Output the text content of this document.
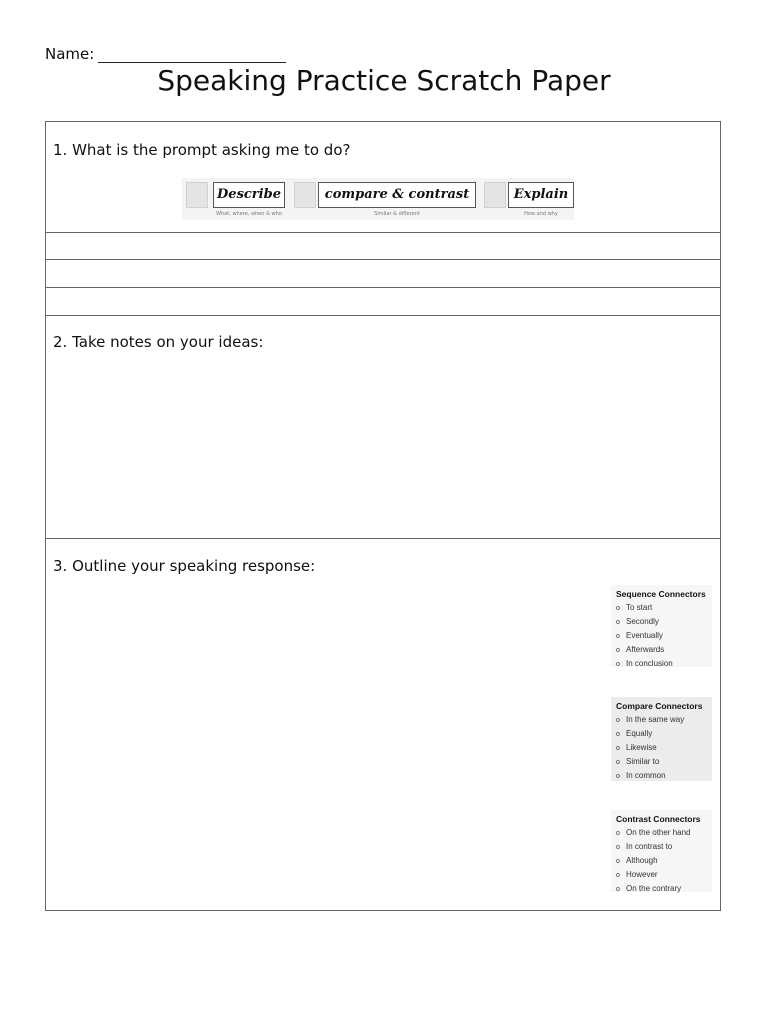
Name:
Speaking Practice Scratch Paper
1. What is the prompt asking me to do?
Describe
What, where, when & who
compare & contrast
Similar & different
Explain
How and why
2. Take notes on your ideas:
3. Outline your speaking response:
Sequence Connectors
o To start
o Secondly
o Eventually
o Afterwards
o In conclusion
Compare Connectors
o In the same way
o Equally
o Likewise
o Similar to
o In common
Contrast Connectors
o On the other hand
o In contrast to
o Although
o However
o On the contrary
